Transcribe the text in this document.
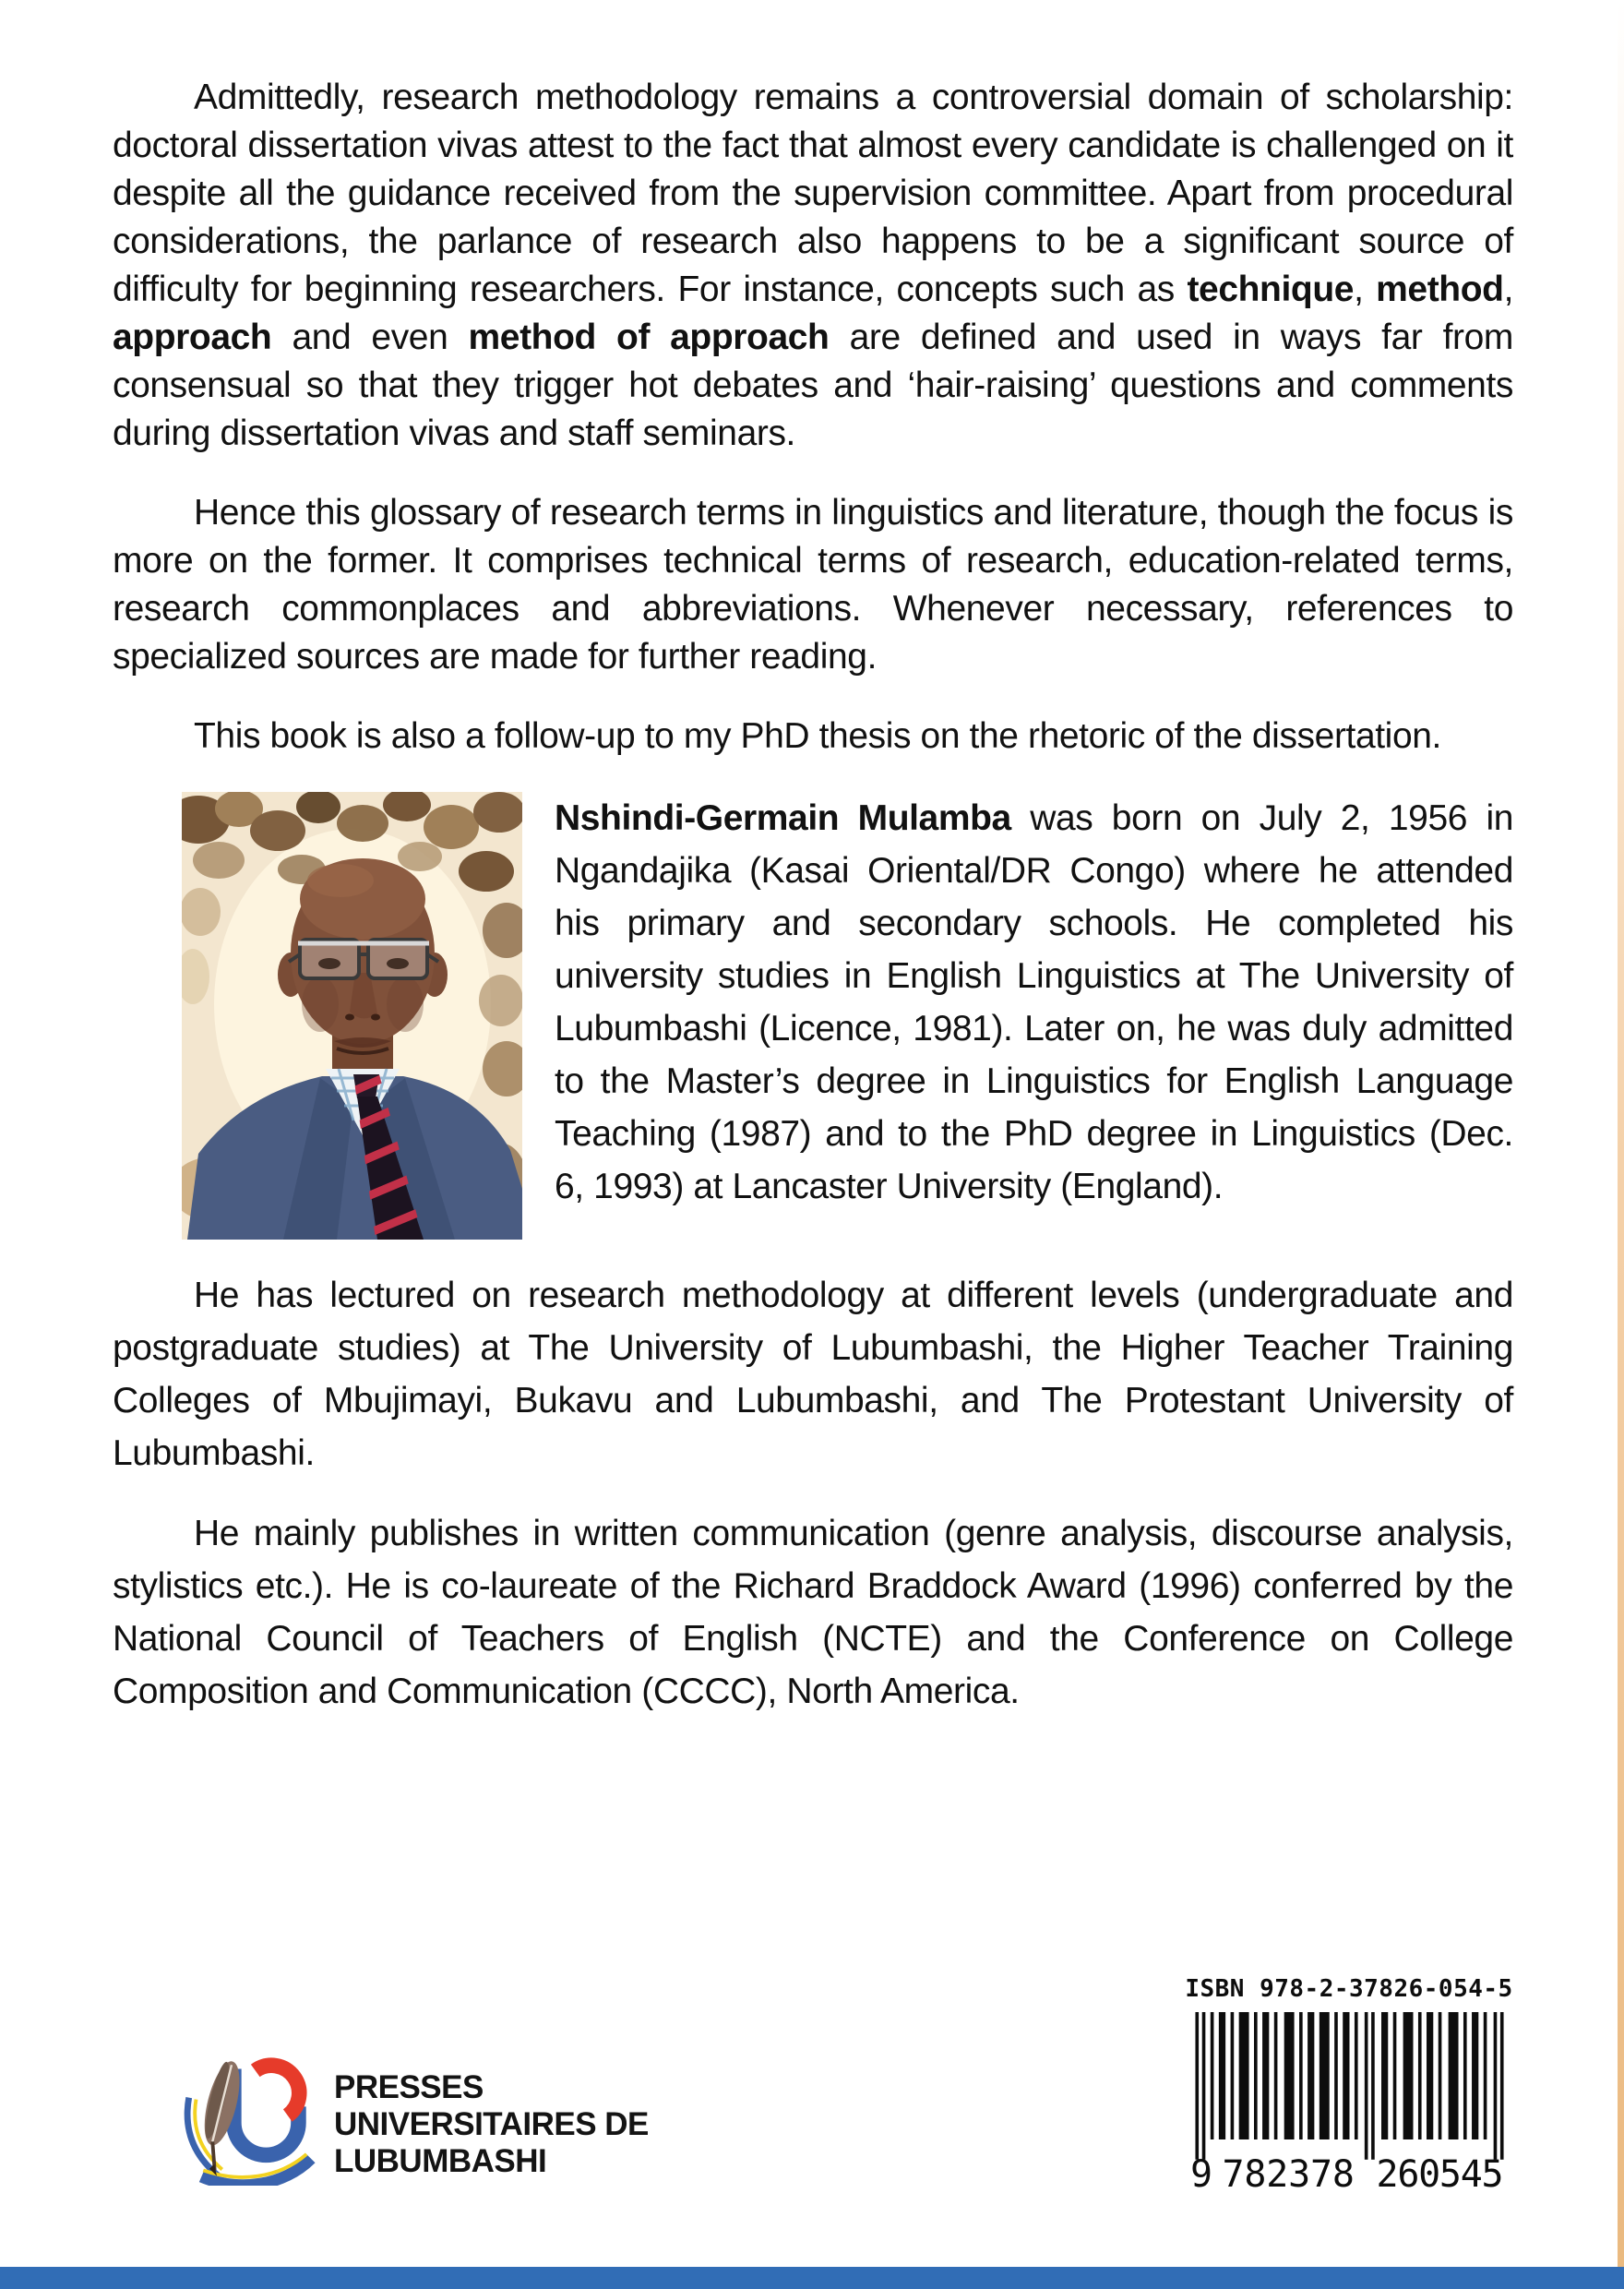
Admittedly, research methodology remains a controversial domain of scholarship: doctoral dissertation vivas attest to the fact that almost every candidate is challenged on it despite all the guidance received from the supervision committee. Apart from procedural considerations, the parlance of research also happens to be a significant source of difficulty for beginning researchers. For instance, concepts such as technique, method, approach and even method of approach are defined and used in ways far from consensual so that they trigger hot debates and ‘hair-raising’ questions and comments during dissertation vivas and staff seminars.

Hence this glossary of research terms in linguistics and literature, though the focus is more on the former. It comprises technical terms of research, education-related terms, research commonplaces and abbreviations. Whenever necessary, references to specialized sources are made for further reading.

This book is also a follow-up to my PhD thesis on the rhetoric of the dissertation.

Nshindi-Germain Mulamba was born on July 2, 1956 in Ngandajika (Kasai Oriental/DR Congo) where he attended his primary and secondary schools. He completed his university studies in English Linguistics at The University of Lubumbashi (Licence, 1981). Later on, he was duly admitted to the Master’s degree in Linguistics for English Language Teaching (1987) and to the PhD degree in Linguistics (Dec. 6, 1993) at Lancaster University (England).

He has lectured on research methodology at different levels (undergraduate and postgraduate studies) at The University of Lubumbashi, the Higher Teacher Training Colleges of Mbujimayi, Bukavu and Lubumbashi, and The Protestant University of Lubumbashi.

He mainly publishes in written communication (genre analysis, discourse analysis, stylistics etc.). He is co-laureate of the Richard Braddock Award (1996) conferred by the National Council of Teachers of English (NCTE) and the Conference on College Composition and Communication (CCCC), North America.

ISBN 978-2-37826-054-5
9 782378 260545
PRESSES
UNIVERSITAIRES DE
LUBUMBASHI
